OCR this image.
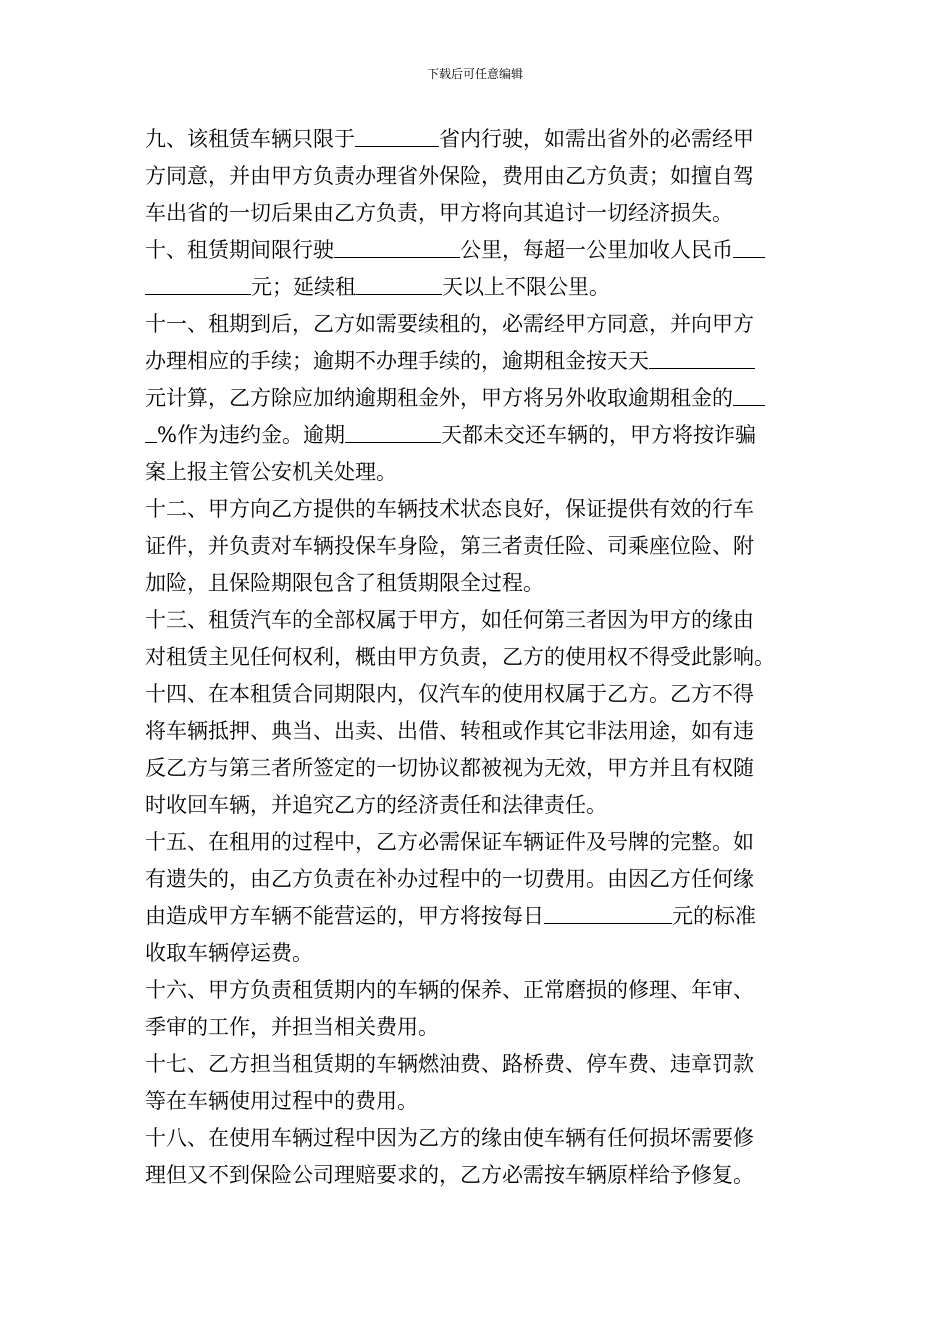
下载后可任意编辑
九、该租赁车辆只限于	省内行驶，如需出省外的必需经甲
方同意，并由甲方负责办理省外保险，费用由乙方负责；如擅自驾
车出省的一切后果由乙方负责，甲方将向其追讨一切经济损失。
十、租赁期间限行驶	公里，每超一公里加收人民币
元；延续租	天以上不限公里。
十一、租期到后，乙方如需要续租的，必需经甲方同意，并向甲方
办理相应的手续；逾期不办理手续的，逾期租金按天天
元计算，乙方除应加纳逾期租金外，甲方将另外收取逾期租金的
%作为违约金。逾期	天都未交还车辆的，甲方将按诈骗
案上报主管公安机关处理。
十二、甲方向乙方提供的车辆技术状态良好，保证提供有效的行车
证件，并负责对车辆投保车身险，第三者责任险、司乘座位险、附
加险，且保险期限包含了租赁期限全过程。
十三、租赁汽车的全部权属于甲方，如任何第三者因为甲方的缘由
对租赁主见任何权利，概由甲方负责，乙方的使用权不得受此影响。
十四、在本租赁合同期限内，仅汽车的使用权属于乙方。乙方不得
将车辆抵押、典当、出卖、出借、转租或作其它非法用途，如有违
反乙方与第三者所签定的一切协议都被视为无效，甲方并且有权随
时收回车辆，并追究乙方的经济责任和法律责任。
十五、在租用的过程中，乙方必需保证车辆证件及号牌的完整。如
有遗失的，由乙方负责在补办过程中的一切费用。由因乙方任何缘
由造成甲方车辆不能营运的，甲方将按每日	元的标准
收取车辆停运费。
十六、甲方负责租赁期内的车辆的保养、正常磨损的修理、年审、
季审的工作，并担当相关费用。
十七、乙方担当租赁期的车辆燃油费、路桥费、停车费、违章罚款
等在车辆使用过程中的费用。
十八、在使用车辆过程中因为乙方的缘由使车辆有任何损坏需要修
理但又不到保险公司理赔要求的，乙方必需按车辆原样给予修复。
